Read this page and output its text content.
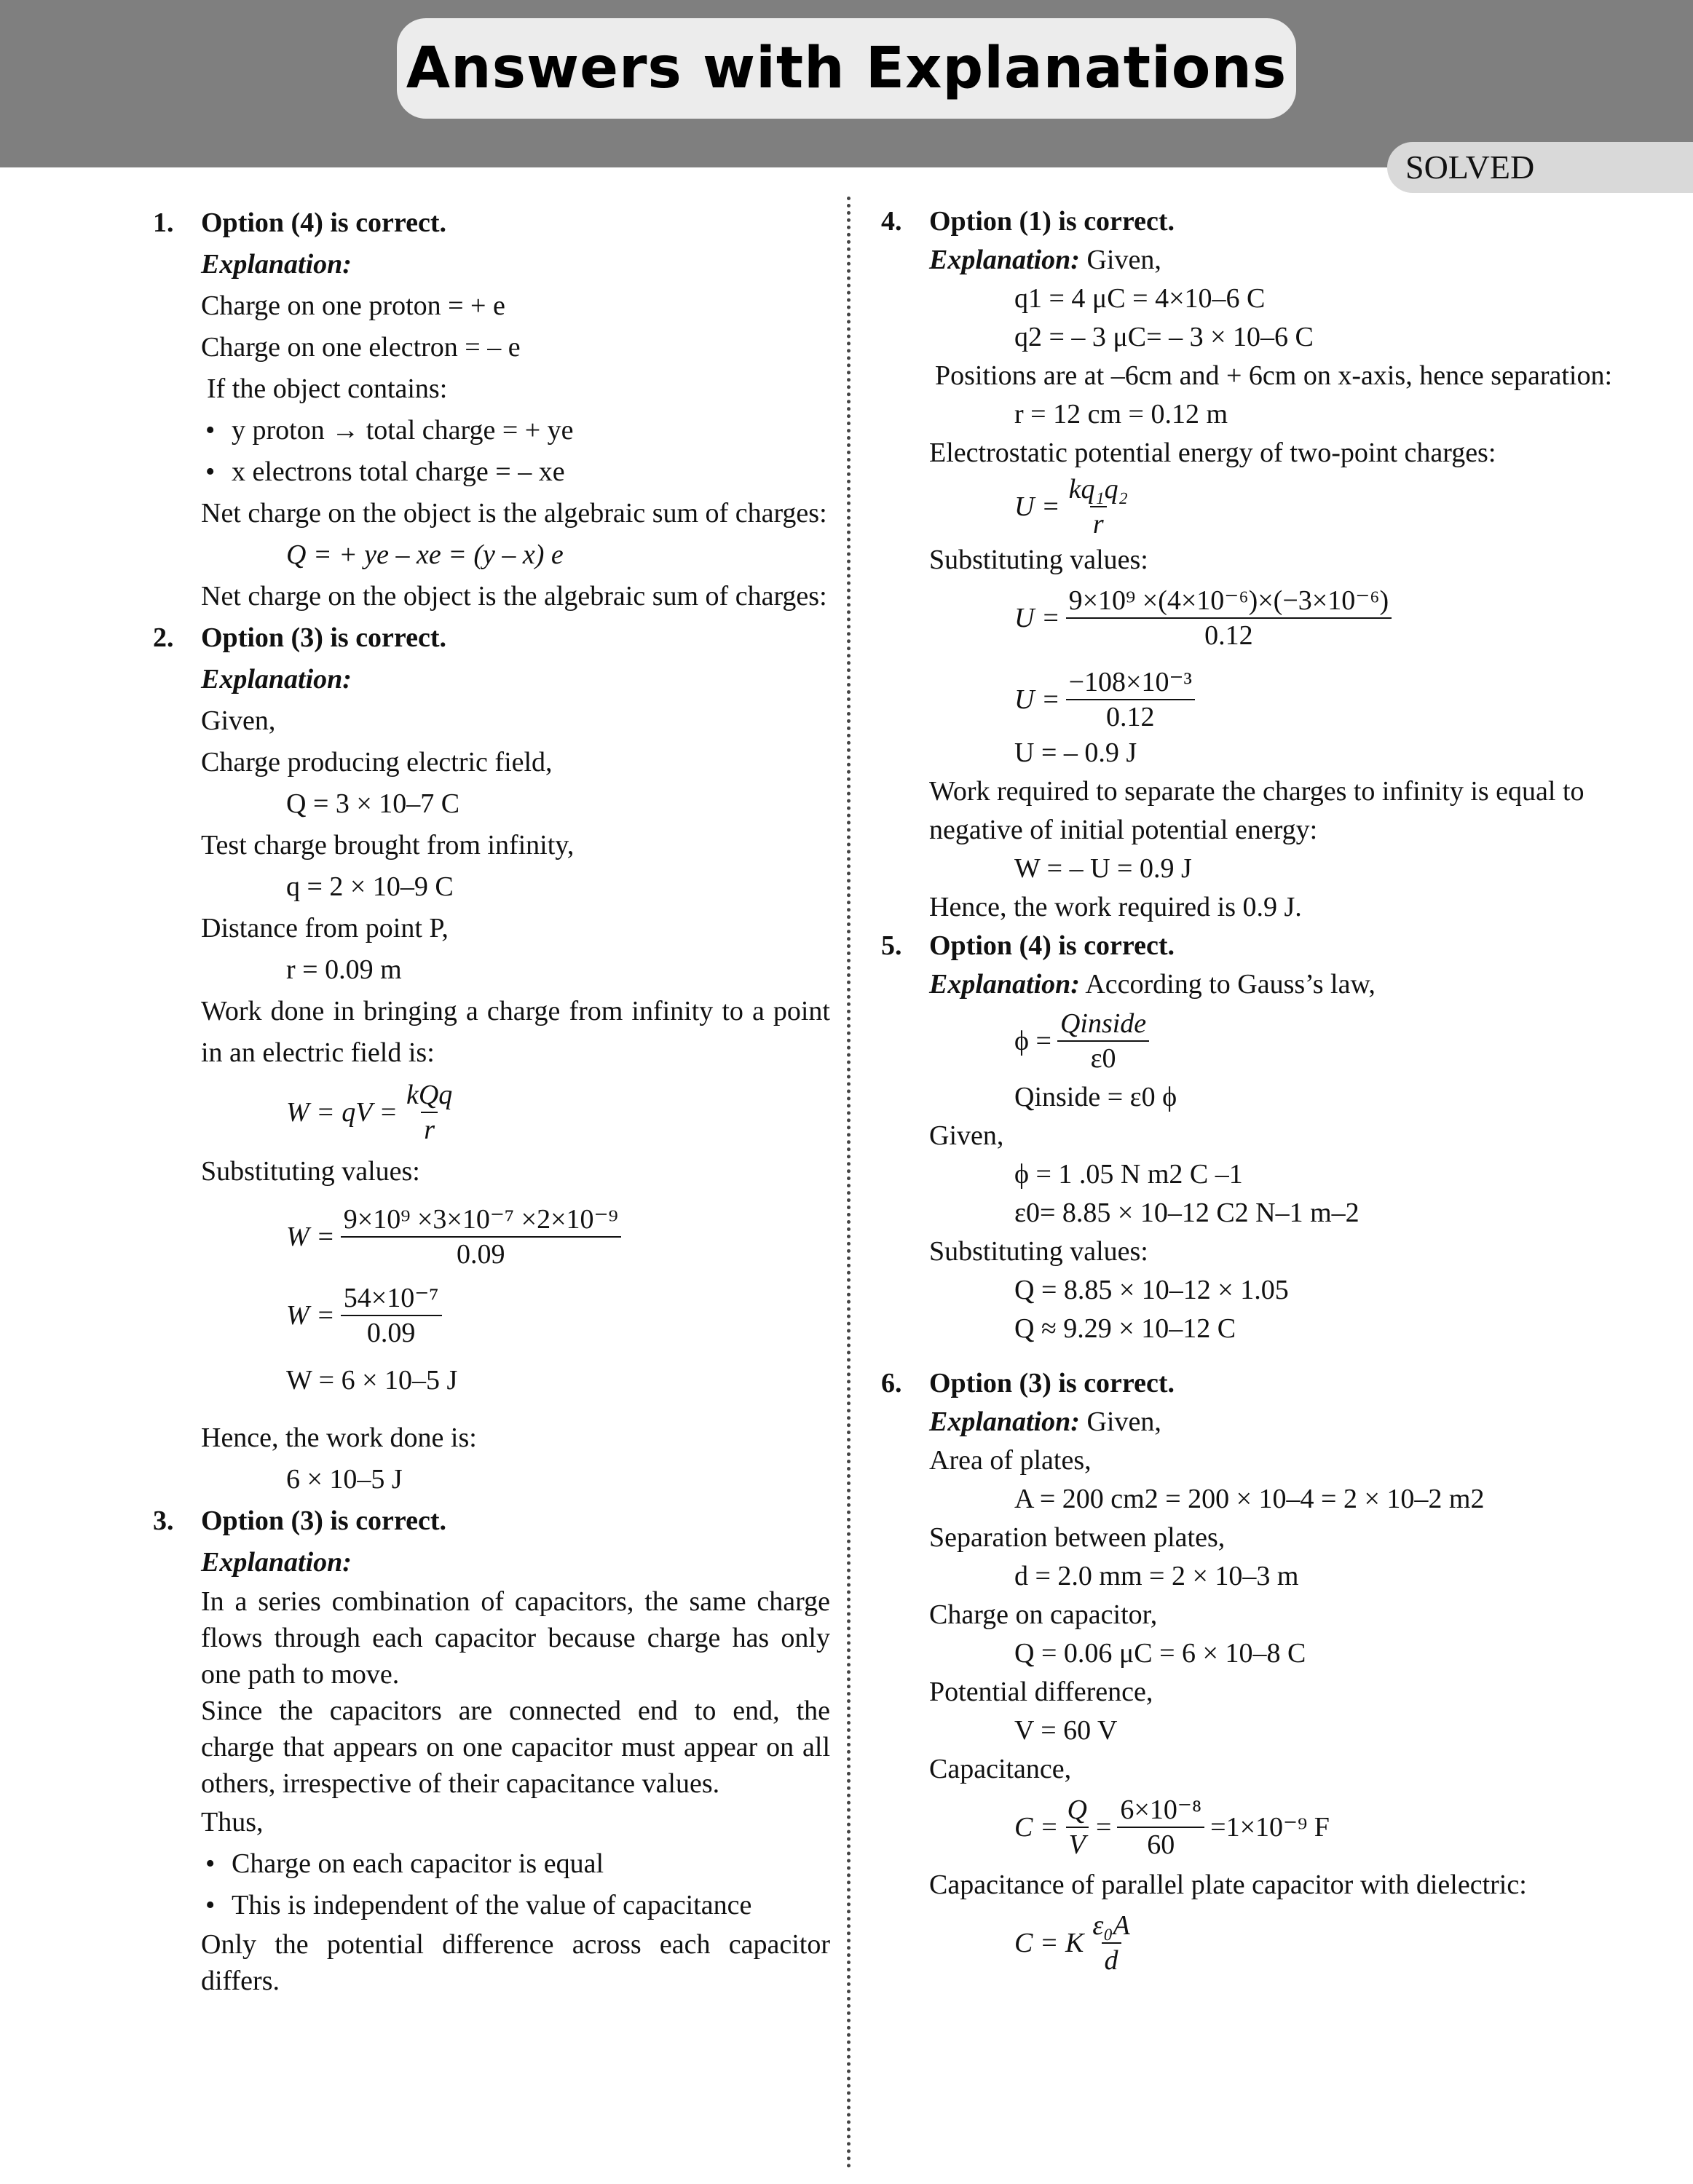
Answers with Explanations
SOLVED
1. Option (4) is correct.
Explanation:
Charge on one proton = + e
Charge on one electron = – e
If the object contains:
• y proton → total charge = + ye
• x electrons total charge = – xe
Net charge on the object is the algebraic sum of charges:
Q = + ye – xe = (y – x) e
Net charge on the object is the algebraic sum of charges:
2. Option (3) is correct.
Explanation:
Given,
Charge producing electric field,
Q = 3 × 10–7 C
Test charge brought from infinity,
q = 2 × 10–9 C
Distance from point P,
r = 0.09 m
Work done in bringing a charge from infinity to a point in an electric field is:
W = qV = $\frac{\text{kQq}}{r}$
Substituting values:
$W = \frac{\text{9×10⁹ ×3×10⁻⁷ ×2×10⁻⁹}}{0.09}$
$W = \frac{\text{54×10⁻⁷}}{0.09}$
W = 6 × 10–5 J
Hence, the work done is:
6 × 10–5 J
3. Option (3) is correct.
Explanation:
In a series combination of capacitors, the same charge flows through each capacitor because charge has only one path to move.
Since the capacitors are connected end to end, the charge that appears on one capacitor must appear on all others, irrespective of their capacitance values.
Thus,
• Charge on each capacitor is equal
• This is independent of the value of capacitance
Only the potential difference across each capacitor differs.
4. Option (1) is correct.
Explanation: Given,
q1 = 4 μC = 4×10–6 C
q2 = – 3 μC= – 3 × 10–6 C
Positions are at –6cm and + 6cm on x-axis, hence separation:
r = 12 cm = 0.12 m
Electrostatic potential energy of two-point charges:
$U = \frac{\text{kq₁q₂}}{r}$
Substituting values:
$U = \frac{\text{9×10⁹ ×(4×10⁻⁶)×(−3×10⁻⁶)}}{0.12}$
$U = \frac{\text{−108×10⁻³}}{0.12}$
U = – 0.9 J
Work required to separate the charges to infinity is equal to negative of initial potential energy:
W = – U = 0.9 J
Hence, the work required is 0.9 J.
5. Option (4) is correct.
Explanation: According to Gauss’s law,
$\phi = \frac{\text{Qinside}}{\varepsilon 0}$
Qinside = ε0 ϕ
Given,
ϕ = 1 .05 N m2 C –1
ε0= 8.85 × 10–12 C2 N–1 m–2
Substituting values:
Q = 8.85 × 10–12 × 1.05
Q ≈ 9.29 × 10–12 C
6. Option (3) is correct.
Explanation: Given,
Area of plates,
A = 200 cm2 = 200 × 10–4 = 2 × 10–2 m2
Separation between plates,
d = 2.0 mm = 2 × 10–3 m
Charge on capacitor,
Q = 0.06 μC = 6 × 10–8 C
Potential difference,
V = 60 V
Capacitance,
$C = \frac{Q}{V} = \frac{\text{6×10⁻⁸}}{60} =1\times 10^{-9}$ F
Capacitance of parallel plate capacitor with dielectric:
C = K $\frac{\text{ε₀A}}{d}$
